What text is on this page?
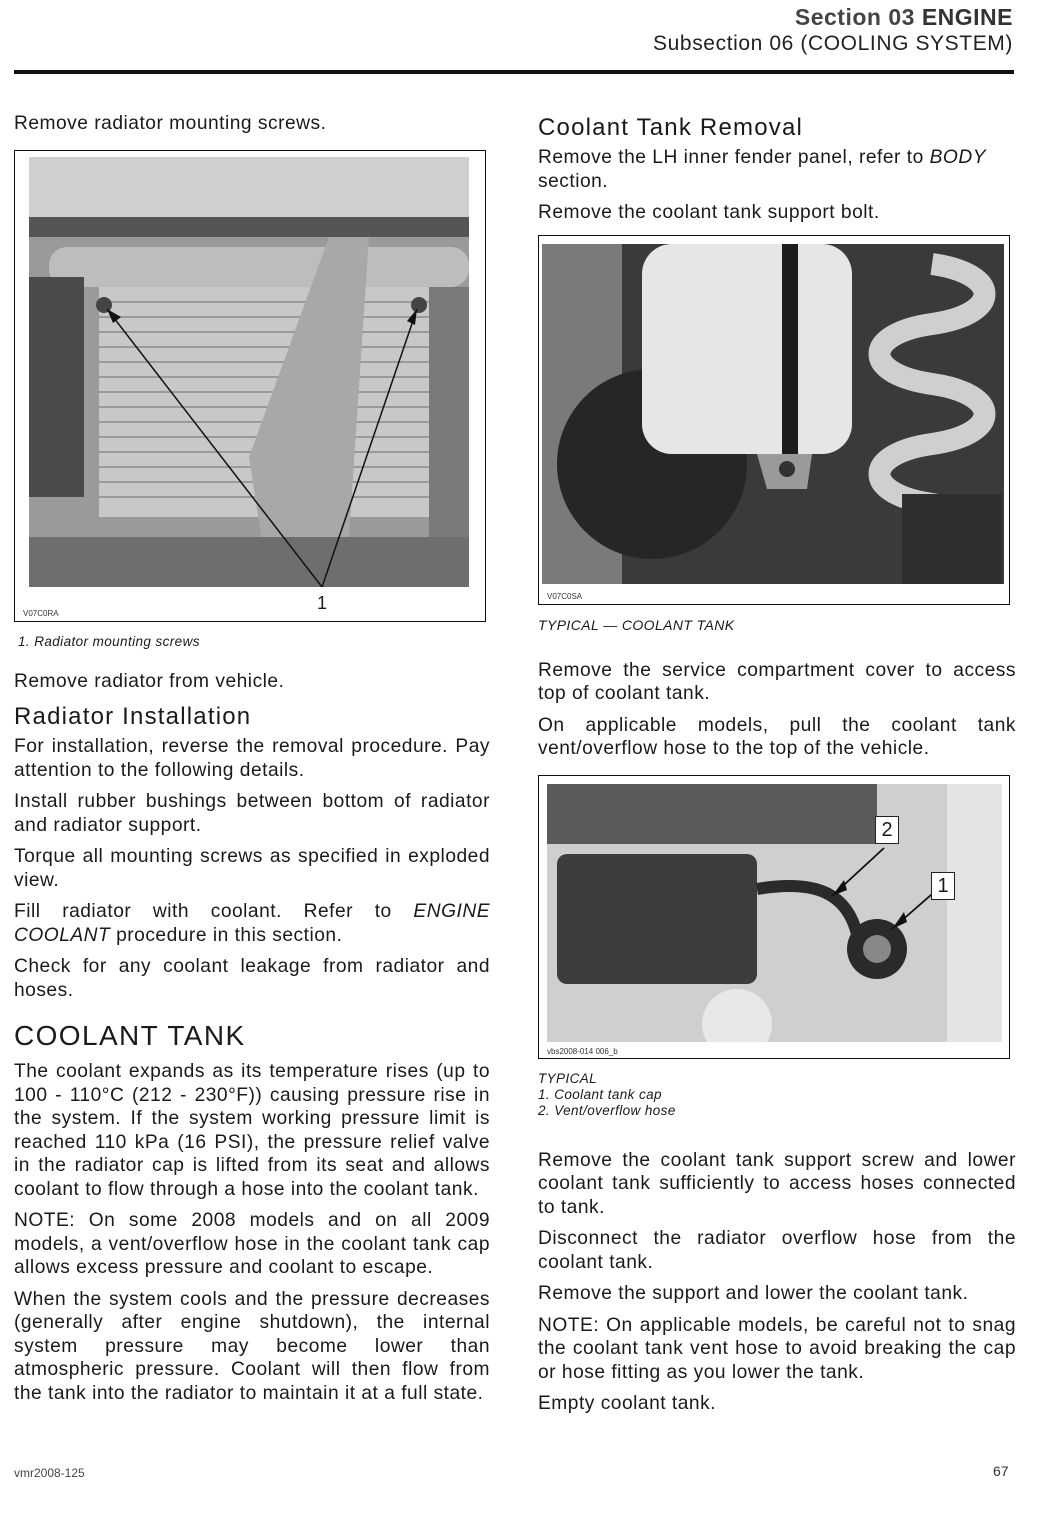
Section 03 ENGINE
Subsection 06 (COOLING SYSTEM)

Remove radiator mounting screws.

V07C0RA
1

1. Radiator mounting screws

Remove radiator from vehicle.

Radiator Installation

For installation, reverse the removal procedure. Pay attention to the following details.

Install rubber bushings between bottom of radiator and radiator support.

Torque all mounting screws as specified in exploded view.

Fill radiator with coolant. Refer to ENGINE COOLANT procedure in this section.

Check for any coolant leakage from radiator and hoses.

COOLANT TANK

The coolant expands as its temperature rises (up to 100 - 110°C (212 - 230°F)) causing pressure rise in the system. If the system working pressure limit is reached 110 kPa (16 PSI), the pressure relief valve in the radiator cap is lifted from its seat and allows coolant to flow through a hose into the coolant tank.

NOTE: On some 2008 models and on all 2009 models, a vent/overflow hose in the coolant tank cap allows excess pressure and coolant to escape.

When the system cools and the pressure decreases (generally after engine shutdown), the internal system pressure may become lower than atmospheric pressure. Coolant will then flow from the tank into the radiator to maintain it at a full state.

Coolant Tank Removal

Remove the LH inner fender panel, refer to BODY section.

Remove the coolant tank support bolt.

V07C0SA

TYPICAL — COOLANT TANK

Remove the service compartment cover to access top of coolant tank.

On applicable models, pull the coolant tank vent/overflow hose to the top of the vehicle.

2
1
vbs2008-014 006_b

TYPICAL

1. Coolant tank cap

2. Vent/overflow hose

Remove the coolant tank support screw and lower coolant tank sufficiently to access hoses connected to tank.

Disconnect the radiator overflow hose from the coolant tank.

Remove the support and lower the coolant tank.

NOTE: On applicable models, be careful not to snag the coolant tank vent hose to avoid breaking the cap or hose fitting as you lower the tank.

Empty coolant tank.

vmr2008-125	67
